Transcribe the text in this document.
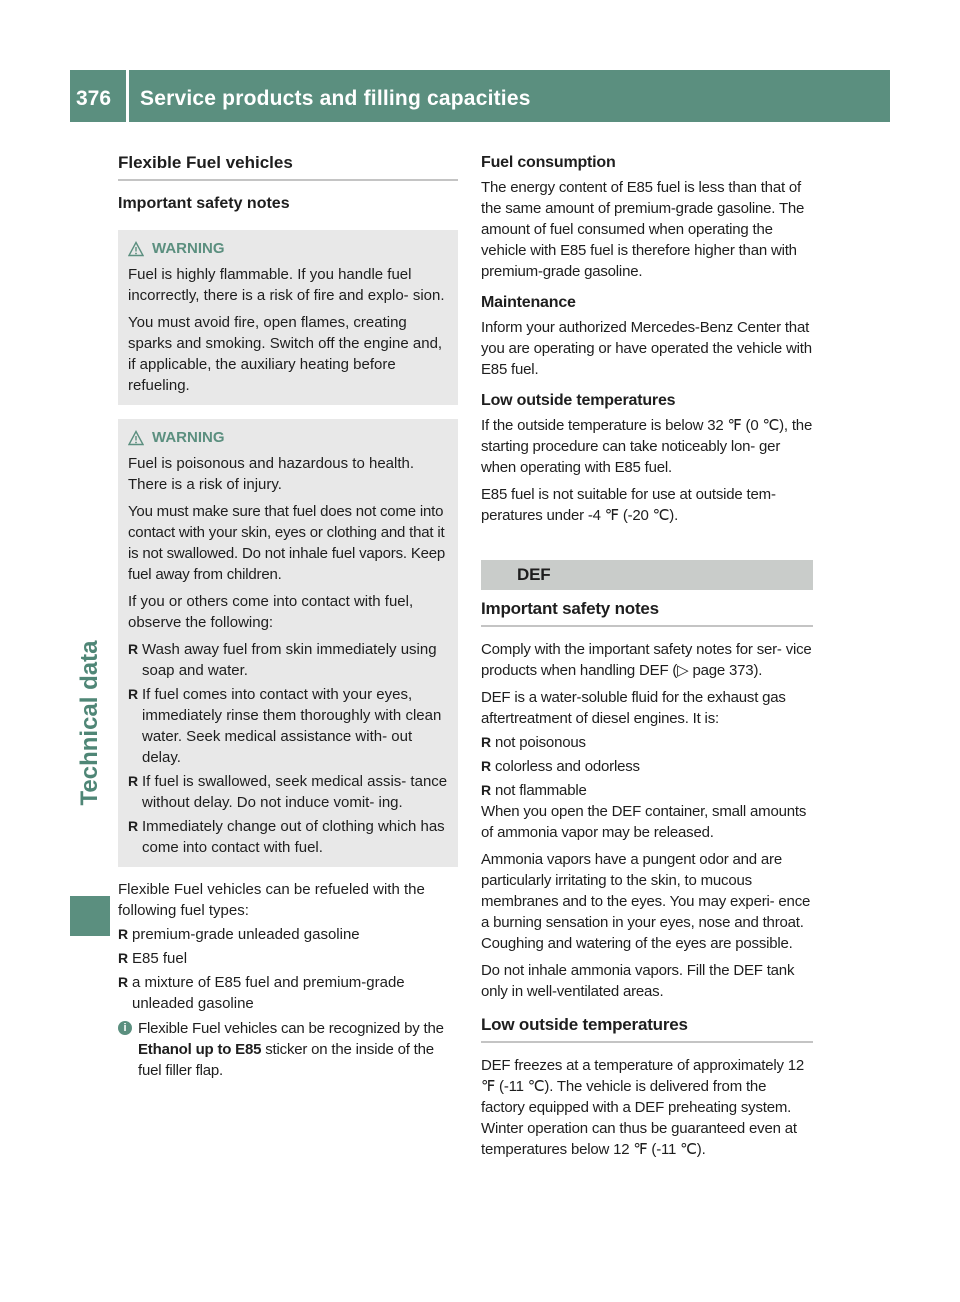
376	Service products and filling capacities
Technical data
Flexible Fuel vehicles
Important safety notes
WARNING

Fuel is highly flammable. If you handle fuel incorrectly, there is a risk of fire and explo- sion.

You must avoid fire, open flames, creating sparks and smoking. Switch off the engine and, if applicable, the auxiliary heating before refueling.

WARNING

Fuel is poisonous and hazardous to health. There is a risk of injury.

You must make sure that fuel does not come into contact with your skin, eyes or clothing and that it is not swallowed. Do not inhale fuel vapors. Keep fuel away from children.

If you or others come into contact with fuel, observe the following:

R Wash away fuel from skin immediately using soap and water.
R If fuel comes into contact with your eyes, immediately rinse them thoroughly with clean water. Seek medical assistance with- out delay.
R If fuel is swallowed, seek medical assis- tance without delay. Do not induce vomit- ing.
R Immediately change out of clothing which has come into contact with fuel.

Flexible Fuel vehicles can be refueled with the following fuel types:

R premium-grade unleaded gasoline
R E85 fuel
R a mixture of E85 fuel and premium-grade unleaded gasoline
i Flexible Fuel vehicles can be recognized by the Ethanol up to E85 sticker on the inside of the fuel filler flap.
Fuel consumption

The energy content of E85 fuel is less than that of the same amount of premium-grade gasoline. The amount of fuel consumed when operating the vehicle with E85 fuel is therefore higher than with premium-grade gasoline.

Maintenance

Inform your authorized Mercedes-Benz Center that you are operating or have operated the vehicle with E85 fuel.

Low outside temperatures

If the outside temperature is below 32 ℉ (0 ℃), the starting procedure can take noticeably lon- ger when operating with E85 fuel.

E85 fuel is not suitable for use at outside tem- peratures under -4 ℉ (-20 ℃).

DEF
Important safety notes

Comply with the important safety notes for ser- vice products when handling DEF (▷ page 373).

DEF is a water-soluble fluid for the exhaust gas aftertreatment of diesel engines. It is:

R not poisonous
R colorless and odorless
R not flammable

When you open the DEF container, small amounts of ammonia vapor may be released.

Ammonia vapors have a pungent odor and are particularly irritating to the skin, to mucous membranes and to the eyes. You may experi- ence a burning sensation in your eyes, nose and throat. Coughing and watering of the eyes are possible.

Do not inhale ammonia vapors. Fill the DEF tank only in well-ventilated areas.

Low outside temperatures

DEF freezes at a temperature of approximately 12 ℉ (-11 ℃). The vehicle is delivered from the factory equipped with a DEF preheating system. Winter operation can thus be guaranteed even at temperatures below 12 ℉ (-11 ℃).
